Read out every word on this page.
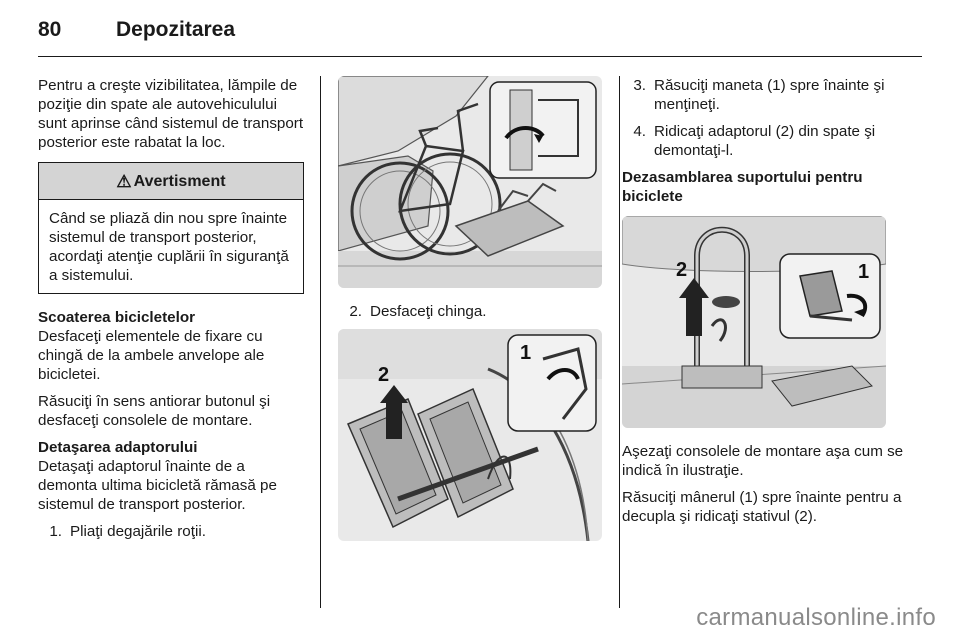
80	Depozitarea

Pentru a creşte vizibilitatea, lămpile de poziţie din spate ale autovehiculului sunt aprinse când sistemul de transport posterior este rabatat la loc.

⚠ Avertisment
Când se pliază din nou spre înainte sistemul de transport posterior, acordaţi atenţie cuplării în siguranţă a sistemului.
Scoaterea bicicletelor

Desfaceţi elementele de fixare cu chingă de la ambele anvelope ale bicicletei.

Răsuciţi în sens antiorar butonul şi desfaceţi consolele de montare.

Detaşarea adaptorului

Detaşaţi adaptorul înainte de a demonta ultima bicicletă rămasă pe sistemul de transport posterior.

1. Pliaţi degajările roţii.
2. Desfaceţi chinga.
2
1
3. Răsuciţi maneta (1) spre înainte şi menţineţi.
4. Ridicaţi adaptorul (2) din spate şi demontaţi-l.
Dezasamblarea suportului pentru biciclete
2	1

Aşezaţi consolele de montare aşa cum se indică în ilustraţie.

Răsuciţi mânerul (1) spre înainte pentru a decupla şi ridicaţi stativul (2).

carmanualsonline.info
